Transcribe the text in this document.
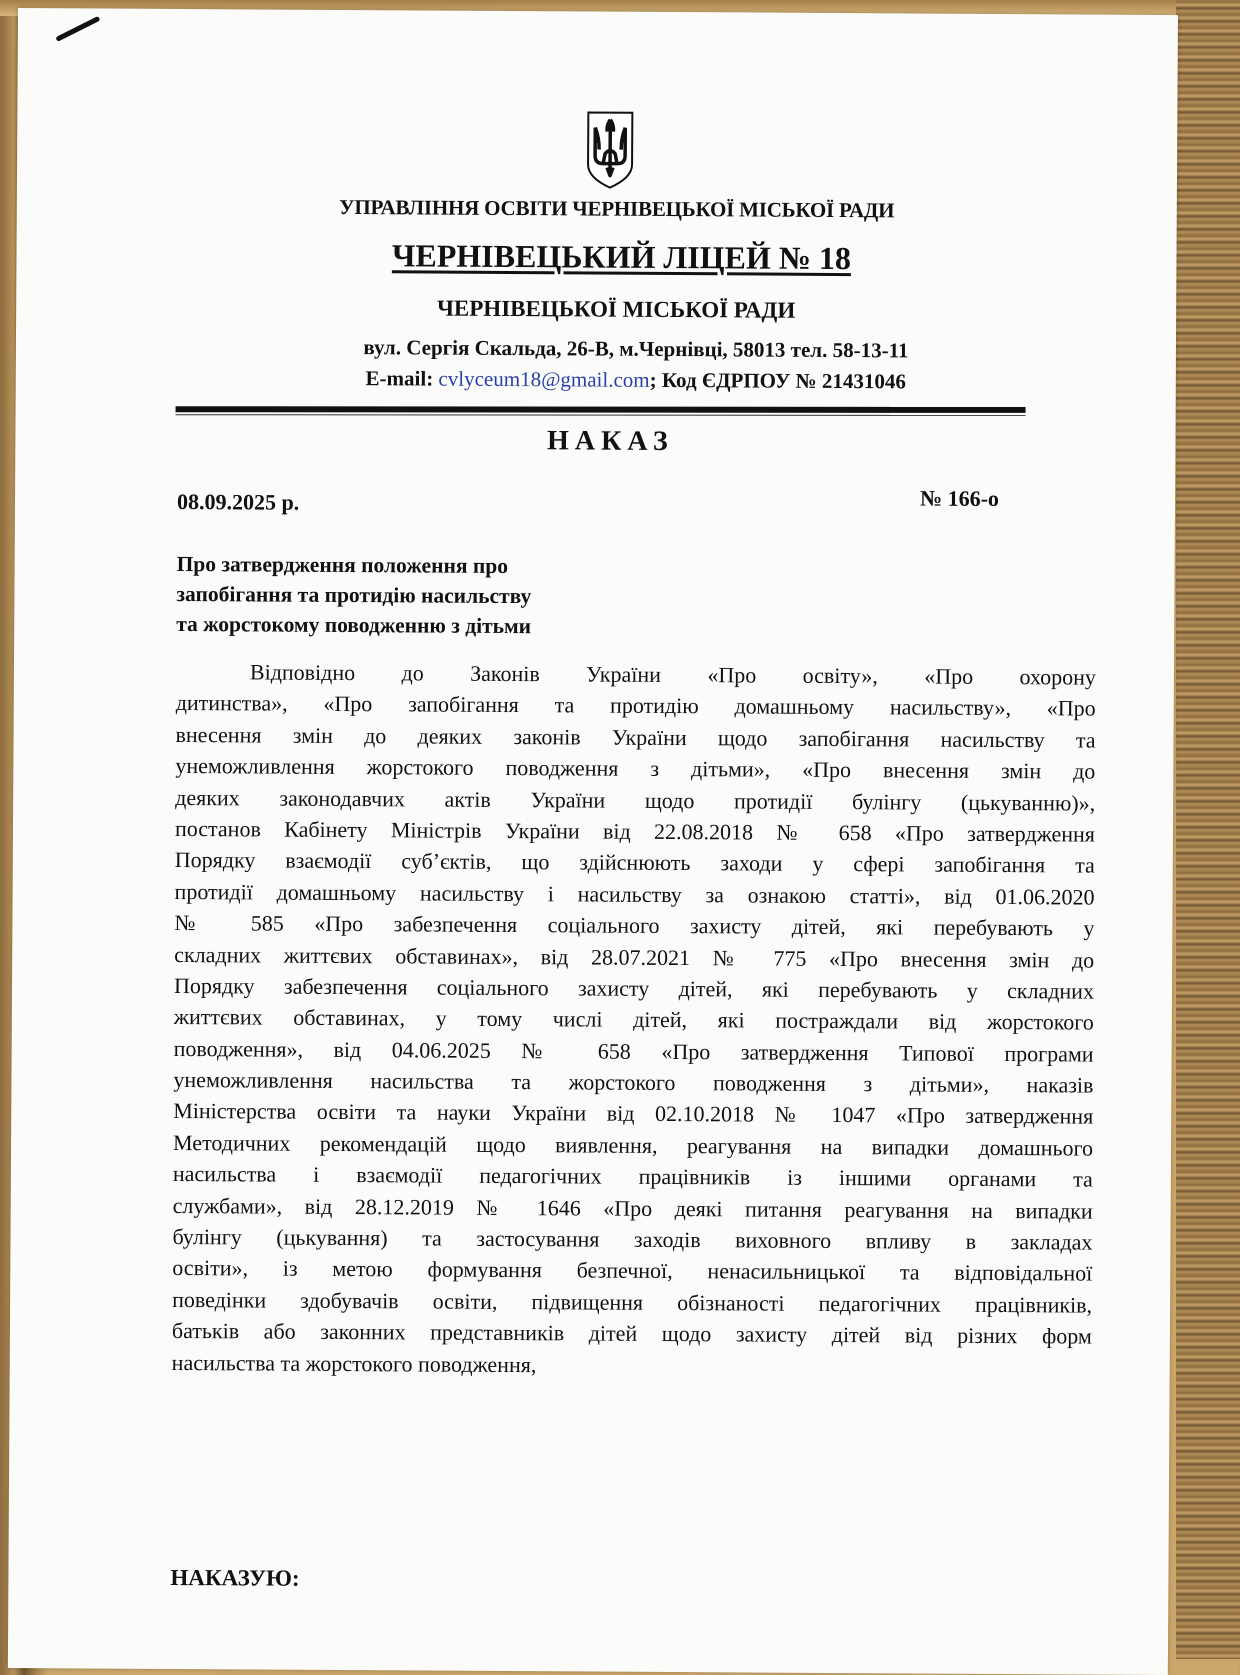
УПРАВЛІННЯ ОСВІТИ ЧЕРНІВЕЦЬКОЇ МІСЬКОЇ РАДИ
ЧЕРНІВЕЦЬКИЙ ЛІЦЕЙ № 18
ЧЕРНІВЕЦЬКОЇ МІСЬКОЇ РАДИ
вул. Сергія Скальда, 26-В, м.Чернівці, 58013 тел. 58-13-11
E-mail: cvlyceum18@gmail.com; Код ЄДРПОУ № 21431046
НАКАЗ
08.09.2025 р.	№ 166-о
Про затвердження положення про
запобігання та протидію насильству
та жорстокому поводженню з дітьми
Відповідно до Законів України «Про освіту», «Про охорону
дитинства», «Про запобігання та протидію домашньому насильству», «Про
внесення змін до деяких законів України щодо запобігання насильству та
унеможливлення жорстокого поводження з дітьми», «Про внесення змін до
деяких законодавчих актів України щодо протидії булінгу (цькуванню)»,
постанов Кабінету Міністрів України від 22.08.2018 № 658 «Про затвердження
Порядку взаємодії суб’єктів, що здійснюють заходи у сфері запобігання та
протидії домашньому насильству і насильству за ознакою статті», від 01.06.2020
№ 585 «Про забезпечення соціального захисту дітей, які перебувають у
складних життєвих обставинах», від 28.07.2021 № 775 «Про внесення змін до
Порядку забезпечення соціального захисту дітей, які перебувають у складних
життєвих обставинах, у тому числі дітей, які постраждали від жорстокого
поводження», від 04.06.2025 № 658 «Про затвердження Типової програми
унеможливлення насильства та жорстокого поводження з дітьми», наказів
Міністерства освіти та науки України від 02.10.2018 № 1047 «Про затвердження
Методичних рекомендацій щодо виявлення, реагування на випадки домашнього
насильства і взаємодії педагогічних працівників із іншими органами та
службами», від 28.12.2019 № 1646 «Про деякі питання реагування на випадки
булінгу (цькування) та застосування заходів виховного впливу в закладах
освіти», із метою формування безпечної, ненасильницької та відповідальної
поведінки здобувачів освіти, підвищення обізнаності педагогічних працівників,
батьків або законних представників дітей щодо захисту дітей від різних форм
насильства та жорстокого поводження,
НАКАЗУЮ:
